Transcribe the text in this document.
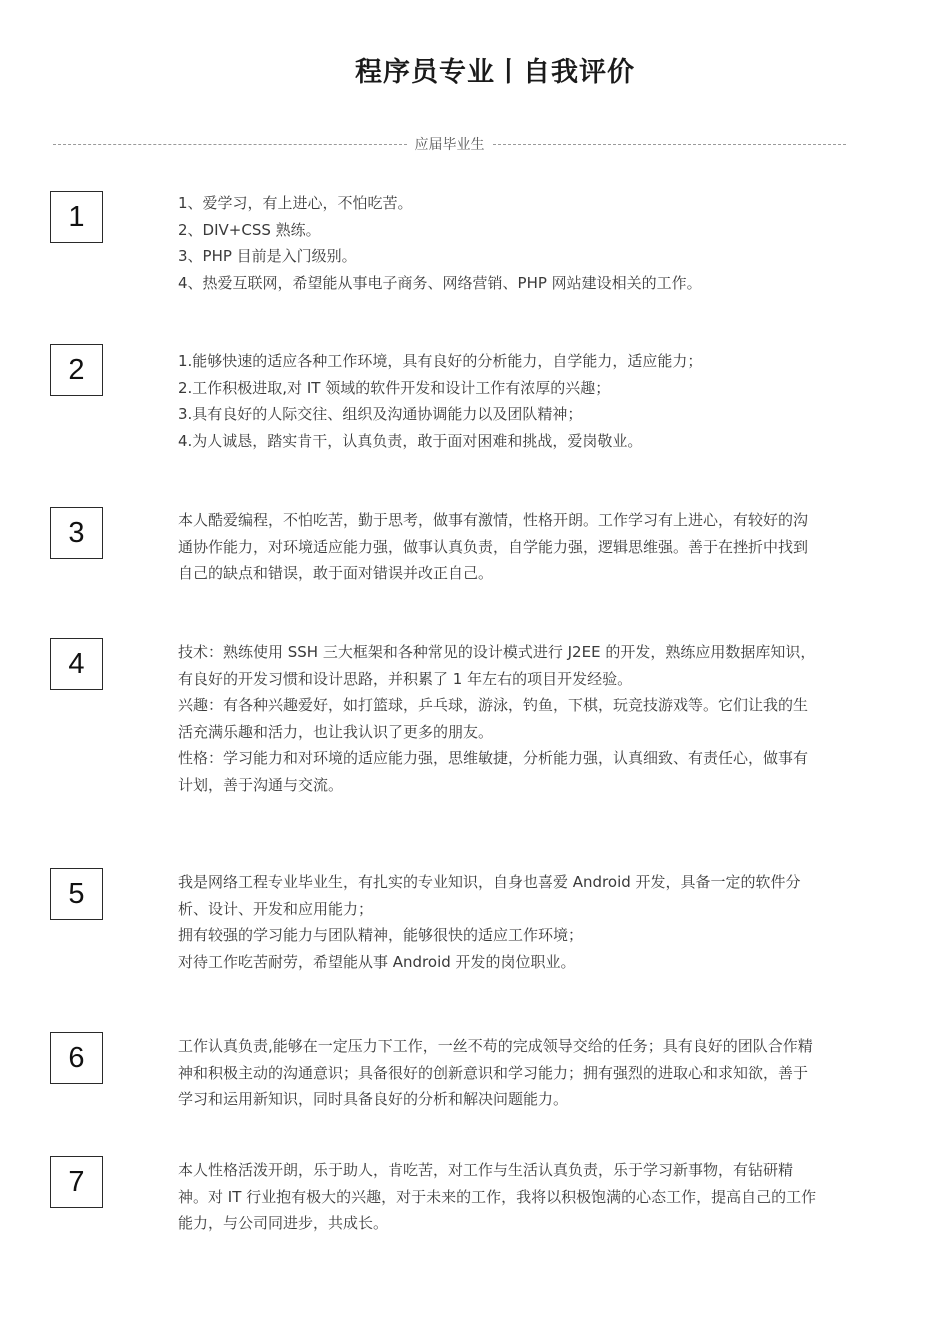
程序员专业丨自我评价
应届毕业生
1	1、爱学习，有上进心，不怕吃苦。
2、DIV+CSS 熟练。
3、PHP 目前是入门级别。
4、热爱互联网，希望能从事电子商务、网络营销、PHP 网站建设相关的工作。
2	1.能够快速的适应各种工作环境，具有良好的分析能力，自学能力，适应能力；
2.工作积极进取,对 IT 领域的软件开发和设计工作有浓厚的兴趣；
3.具有良好的人际交往、组织及沟通协调能力以及团队精神；
4.为人诚恳，踏实肯干，认真负责，敢于面对困难和挑战，爱岗敬业。
3	本人酷爱编程，不怕吃苦，勤于思考，做事有激情，性格开朗。工作学习有上进心，有较好的沟通协作能力，对环境适应能力强，做事认真负责，自学能力强，逻辑思维强。善于在挫折中找到自己的缺点和错误，敢于面对错误并改正自己。
4	技术：熟练使用 SSH 三大框架和各种常见的设计模式进行 J2EE 的开发，熟练应用数据库知识，有良好的开发习惯和设计思路，并积累了 1 年左右的项目开发经验。
兴趣：有各种兴趣爱好，如打篮球，乒乓球，游泳，钓鱼，下棋，玩竞技游戏等。它们让我的生活充满乐趣和活力，也让我认识了更多的朋友。
性格：学习能力和对环境的适应能力强，思维敏捷，分析能力强，认真细致、有责任心，做事有计划，善于沟通与交流。
5	我是网络工程专业毕业生，有扎实的专业知识，自身也喜爱 Android 开发，具备一定的软件分析、设计、开发和应用能力；
拥有较强的学习能力与团队精神，能够很快的适应工作环境；
对待工作吃苦耐劳，希望能从事 Android 开发的岗位职业。
6	工作认真负责,能够在一定压力下工作，一丝不苟的完成领导交给的任务；具有良好的团队合作精神和积极主动的沟通意识；具备很好的创新意识和学习能力；拥有强烈的进取心和求知欲，善于学习和运用新知识，同时具备良好的分析和解决问题能力。
7	本人性格活泼开朗，乐于助人，肯吃苦，对工作与生活认真负责，乐于学习新事物，有钻研精神。对 IT 行业抱有极大的兴趣，对于未来的工作，我将以积极饱满的心态工作，提高自己的工作能力，与公司同进步，共成长。
